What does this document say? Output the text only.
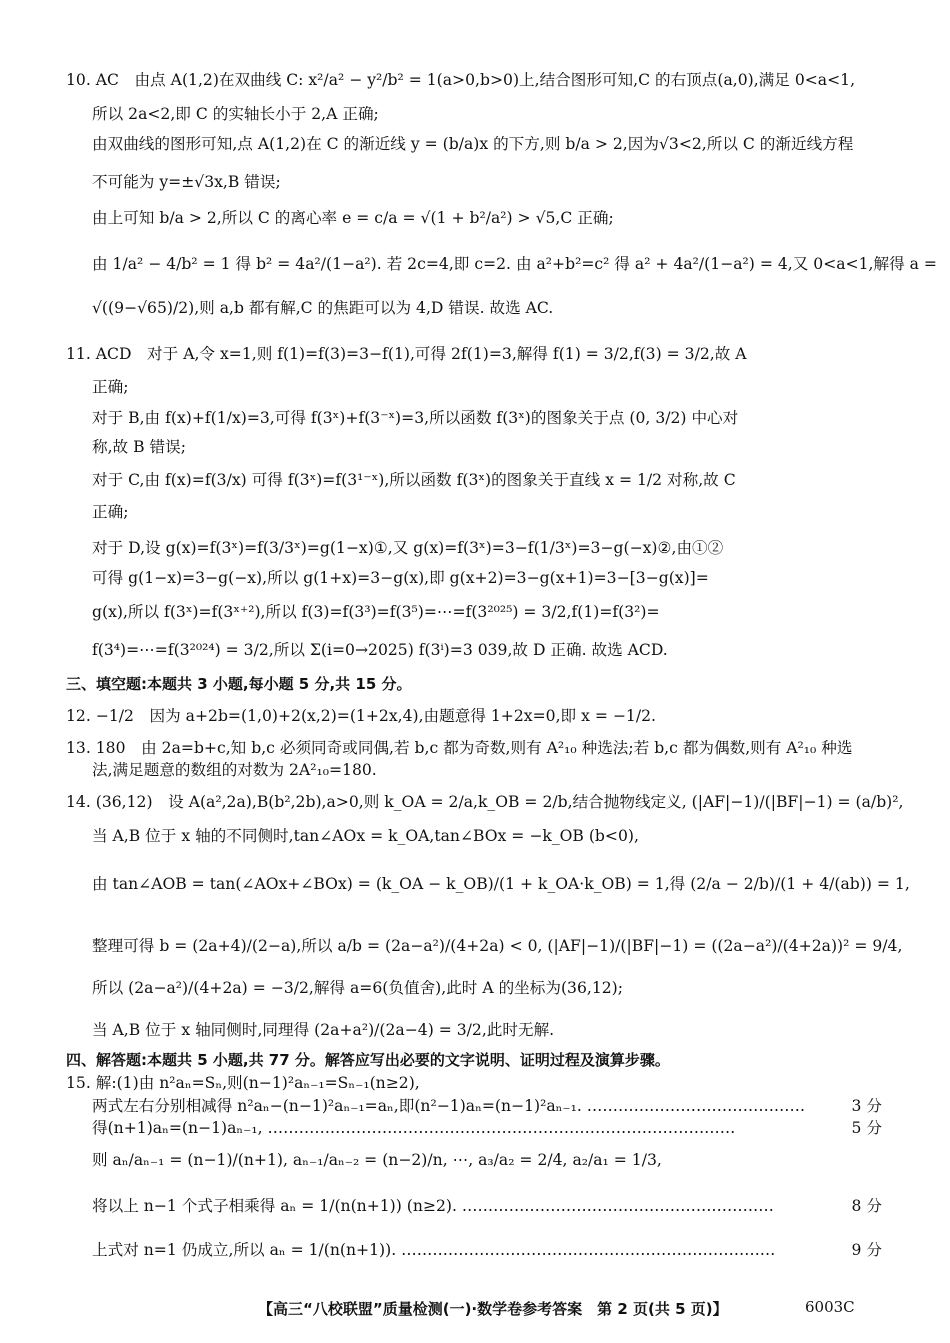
10. AC　由点 A(1,2)在双曲线 C: x²/a² − y²/b² = 1(a>0,b>0)上,结合图形可知,C 的右顶点(a,0),满足 0<a<1,
所以 2a<2,即 C 的实轴长小于 2,A 正确;
由双曲线的图形可知,点 A(1,2)在 C 的渐近线 y = (b/a)x 的下方,则 b/a > 2,因为√3<2,所以 C 的渐近线方程
不可能为 y=±√3x,B 错误;
由上可知 b/a > 2,所以 C 的离心率 e = c/a = √(1 + b²/a²) > √5,C 正确;
由 1/a² − 4/b² = 1 得 b² = 4a²/(1−a²). 若 2c=4,即 c=2. 由 a²+b²=c² 得 a² + 4a²/(1−a²) = 4,又 0<a<1,解得 a =
√((9−√65)/2),则 a,b 都有解,C 的焦距可以为 4,D 错误. 故选 AC.
11. ACD　对于 A,令 x=1,则 f(1)=f(3)=3−f(1),可得 2f(1)=3,解得 f(1) = 3/2,f(3) = 3/2,故 A
正确;
对于 B,由 f(x)+f(1/x)=3,可得 f(3ˣ)+f(3⁻ˣ)=3,所以函数 f(3ˣ)的图象关于点 (0, 3/2) 中心对
称,故 B 错误;
对于 C,由 f(x)=f(3/x) 可得 f(3ˣ)=f(3¹⁻ˣ),所以函数 f(3ˣ)的图象关于直线 x = 1/2 对称,故 C
正确;
对于 D,设 g(x)=f(3ˣ)=f(3/3ˣ)=g(1−x)①,又 g(x)=f(3ˣ)=3−f(1/3ˣ)=3−g(−x)②,由①②
可得 g(1−x)=3−g(−x),所以 g(1+x)=3−g(x),即 g(x+2)=3−g(x+1)=3−[3−g(x)]=
g(x),所以 f(3ˣ)=f(3ˣ⁺²),所以 f(3)=f(3³)=f(3⁵)=⋯=f(3²⁰²⁵) = 3/2,f(1)=f(3²)=
f(3⁴)=⋯=f(3²⁰²⁴) = 3/2,所以 Σ(i=0→2025) f(3ⁱ)=3 039,故 D 正确. 故选 ACD.
三、填空题:本题共 3 小题,每小题 5 分,共 15 分。
12. −1/2　因为 a+2b=(1,0)+2(x,2)=(1+2x,4),由题意得 1+2x=0,即 x = −1/2.
13. 180　由 2a=b+c,知 b,c 必须同奇或同偶,若 b,c 都为奇数,则有 A²₁₀ 种选法;若 b,c 都为偶数,则有 A²₁₀ 种选
法,满足题意的数组的对数为 2A²₁₀=180.
14. (36,12)　设 A(a²,2a),B(b²,2b),a>0,则 k_OA = 2/a,k_OB = 2/b,结合抛物线定义, (|AF|−1)/(|BF|−1) = (a/b)²,
当 A,B 位于 x 轴的不同侧时,tan∠AOx = k_OA,tan∠BOx = −k_OB (b<0),
由 tan∠AOB = tan(∠AOx+∠BOx) = (k_OA − k_OB)/(1 + k_OA·k_OB) = 1,得 (2/a − 2/b)/(1 + 4/(ab)) = 1,
整理可得 b = (2a+4)/(2−a),所以 a/b = (2a−a²)/(4+2a) < 0, (|AF|−1)/(|BF|−1) = ((2a−a²)/(4+2a))² = 9/4,
所以 (2a−a²)/(4+2a) = −3/2,解得 a=6(负值舍),此时 A 的坐标为(36,12);
当 A,B 位于 x 轴同侧时,同理得 (2a+a²)/(2a−4) = 3/2,此时无解.
四、解答题:本题共 5 小题,共 77 分。解答应写出必要的文字说明、证明过程及演算步骤。
15. 解:(1)由 n²aₙ=Sₙ,则(n−1)²aₙ₋₁=Sₙ₋₁(n≥2),
两式左右分别相减得 n²aₙ−(n−1)²aₙ₋₁=aₙ,即(n²−1)aₙ=(n−1)²aₙ₋₁. ……………………………………	3 分
得(n+1)aₙ=(n−1)aₙ₋₁, ………………………………………………………………………………	5 分
则 aₙ/aₙ₋₁ = (n−1)/(n+1), aₙ₋₁/aₙ₋₂ = (n−2)/n, ⋯, a₃/a₂ = 2/4, a₂/a₁ = 1/3,
将以上 n−1 个式子相乘得 aₙ = 1/(n(n+1)) (n≥2). ……………………………………………………	8 分
上式对 n=1 仍成立,所以 aₙ = 1/(n(n+1)). ………………………………………………………………	9 分
【高三“八校联盟”质量检测(一)·数学卷参考答案　第 2 页(共 5 页)】	6003C
